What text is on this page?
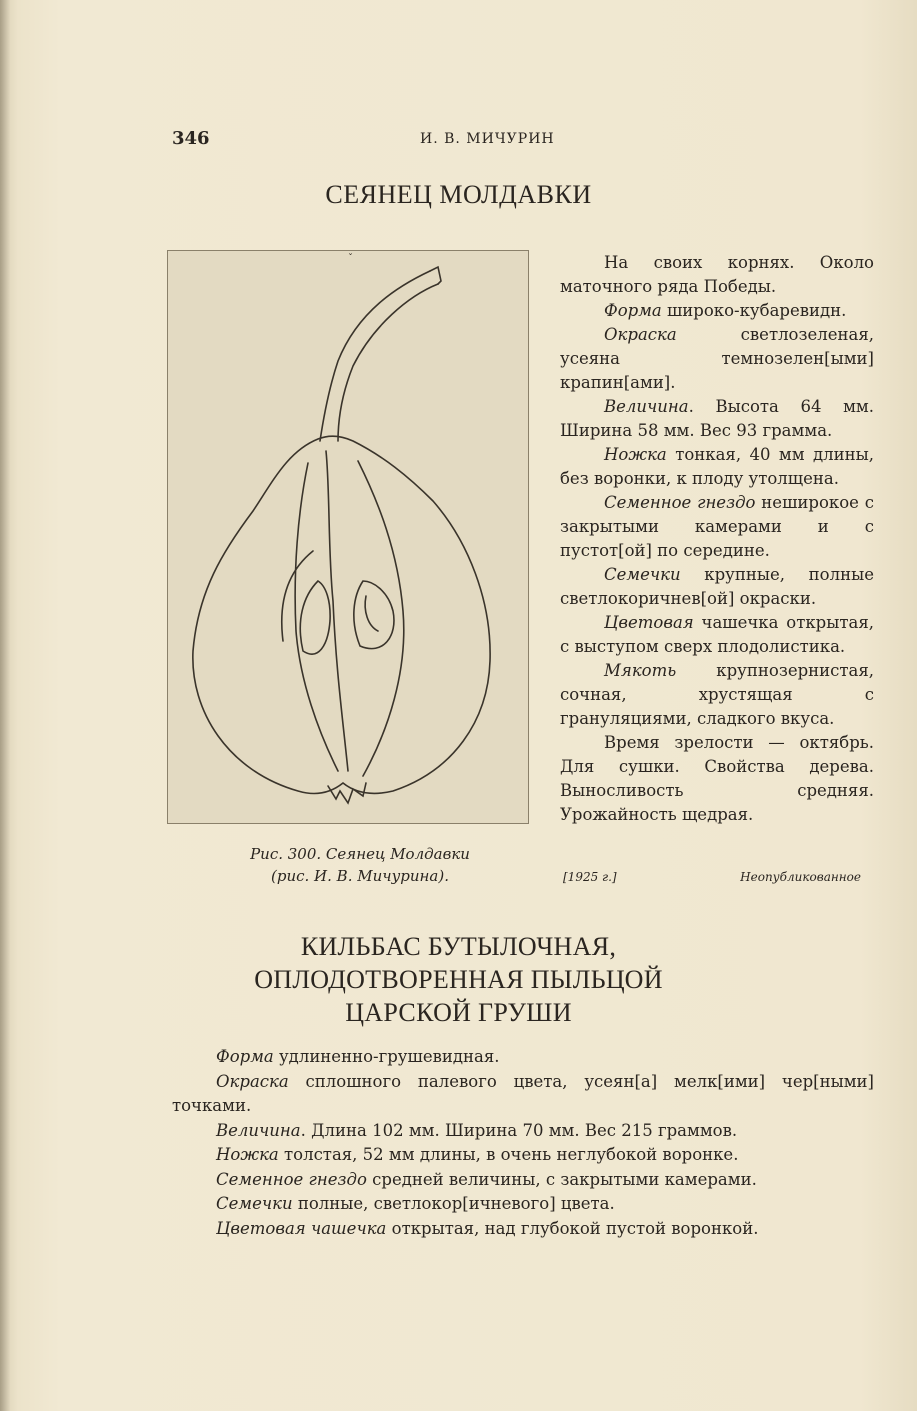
346	И. В. МИЧУРИН
СЕЯНЕЦ МОЛДАВКИ
ˇ
Рис. 300. Сеянец Молдавки
(рис. И. В. Мичурина).

На своих корнях. Около маточного ряда Победы.

Форма широко-кубаревидн.

Окраска светлозеленая, усеяна темнозелен[ыми] крапин[ами].

Величина. Высота 64 мм. Ширина 58 мм. Вес 93 грамма.

Ножка тонкая, 40 мм длины, без воронки, к плоду утолщена.

Семенное гнездо неширокое с закрытыми камерами и с пустот[ой] по середине.

Семечки крупные, полные светлокоричнев[ой] окраски.

Цветовая чашечка открытая, с выступом сверх плодолистика.

Мякоть крупнозернистая, сочная, хрустящая с грануляциями, сладкого вкуса.

Время зрелости — октябрь. Для сушки. Свойства дерева. Выносливость средняя. Урожайность щедрая.

[1925 г.]	Неопубликованное
КИЛЬБАС БУТЫЛОЧНАЯ,
ОПЛОДОТВОРЕННАЯ ПЫЛЬЦОЙ
ЦАРСКОЙ ГРУШИ

Форма удлиненно-грушевидная.

Окраска сплошного палевого цвета, усеян[а] мелк[ими] чер[ными] точками.

Величина. Длина 102 мм. Ширина 70 мм. Вес 215 граммов.

Ножка толстая, 52 мм длины, в очень неглубокой воронке.

Семенное гнездо средней величины, с закрытыми камерами.

Семечки полные, светлокор[ичневого] цвета.

Цветовая чашечка открытая, над глубокой пустой воронкой.
